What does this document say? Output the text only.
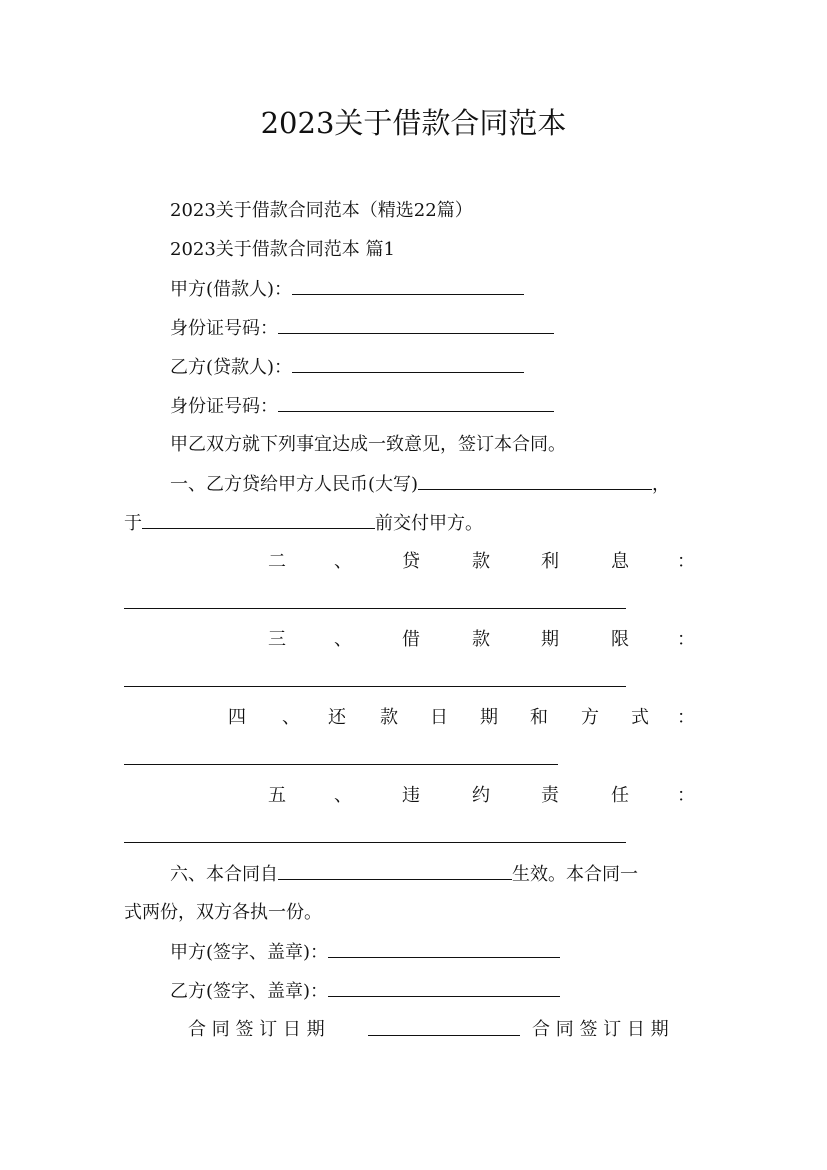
2023关于借款合同范本
2023关于借款合同范本（精选22篇）
2023关于借款合同范本 篇1
甲方(借款人)：
身份证号码：
乙方(贷款人)：
身份证号码：
甲乙双方就下列事宜达成一致意见，签订本合同。
一、乙方贷给甲方人民币(大写)	，
于	前交付甲方。
二	、	贷	款	利	息	：
三	、	借	款	期	限	：
四 、 还 款 日 期 和 方 式 ：
五	、	违	约	责	任	：
六、本合同自	生效。本合同一
式两份，双方各执一份。
甲方(签字、盖章)：
乙方(签字、盖章)：
合 同 签 订 日 期	合 同 签 订 日 期
